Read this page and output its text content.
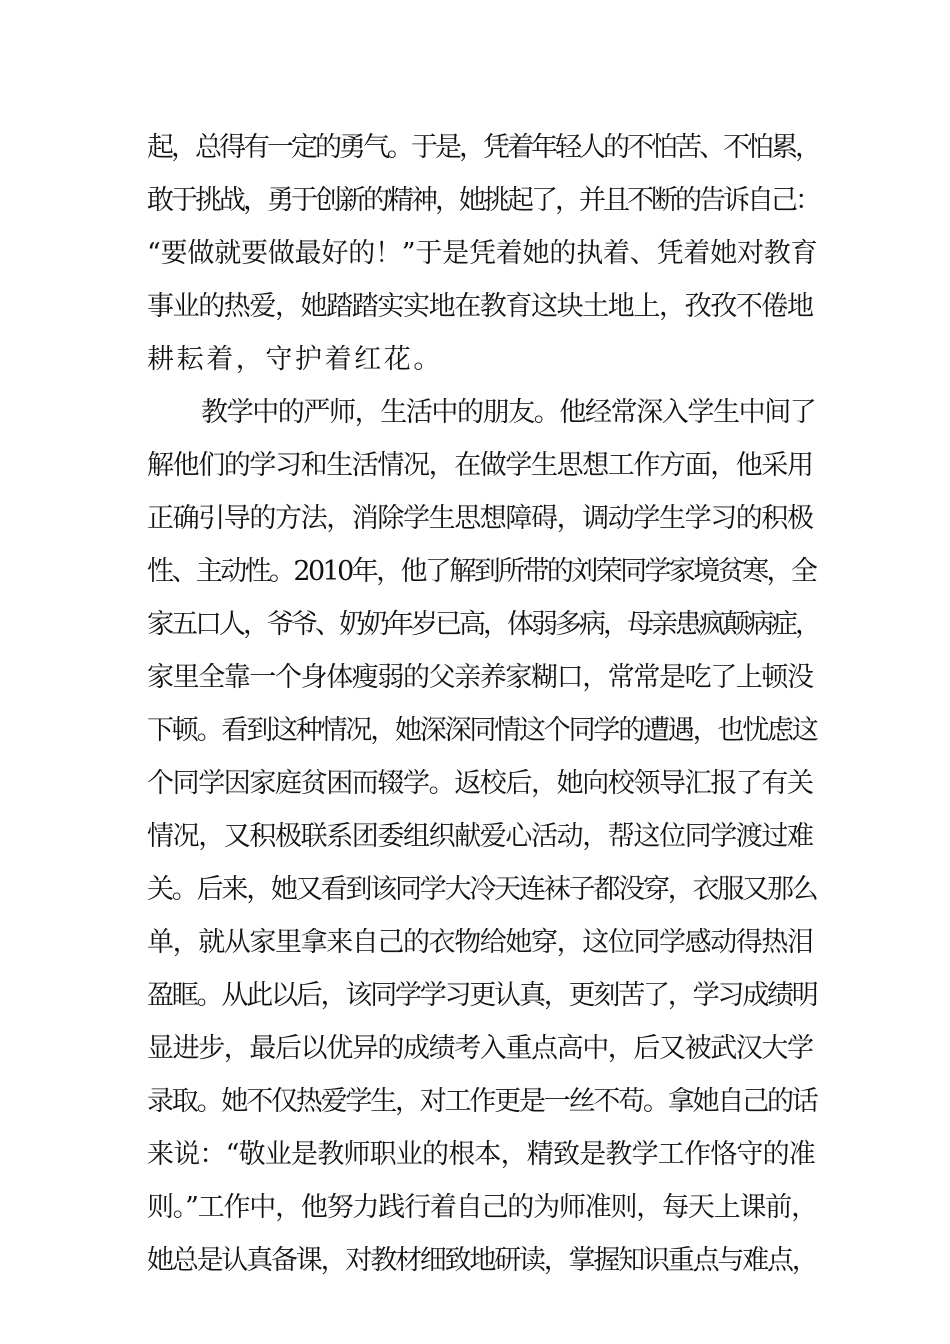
起，总得有一定的勇气。于是，凭着年轻人的不怕苦、不怕累，
敢于挑战，勇于创新的精神，她挑起了，并且不断的告诉自己：
“要做就要做最好的！”于是凭着她的执着、凭着她对教育
事业的热爱，她踏踏实实地在教育这块土地上，孜孜不倦地
耕耘着，守护着红花。
教学中的严师，生活中的朋友。他经常深入学生中间了
解他们的学习和生活情况，在做学生思想工作方面，他采用
正确引导的方法，消除学生思想障碍，调动学生学习的积极
性、主动性。2010年，他了解到所带的刘荣同学家境贫寒，全
家五口人，爷爷、奶奶年岁已高，体弱多病，母亲患疯颠病症，
家里全靠一个身体瘦弱的父亲养家糊口，常常是吃了上顿没
下顿。看到这种情况，她深深同情这个同学的遭遇，也忧虑这
个同学因家庭贫困而辍学。返校后，她向校领导汇报了有关
情况，又积极联系团委组织献爱心活动，帮这位同学渡过难
关。后来，她又看到该同学大冷天连袜子都没穿，衣服又那么
单，就从家里拿来自己的衣物给她穿，这位同学感动得热泪
盈眶。从此以后，该同学学习更认真，更刻苦了，学习成绩明
显进步，最后以优异的成绩考入重点高中，后又被武汉大学
录取。她不仅热爱学生，对工作更是一丝不苟。拿她自己的话
来说：“敬业是教师职业的根本，精致是教学工作恪守的准
则。”工作中，他努力践行着自己的为师准则，每天上课前，
她总是认真备课，对教材细致地研读，掌握知识重点与难点，
